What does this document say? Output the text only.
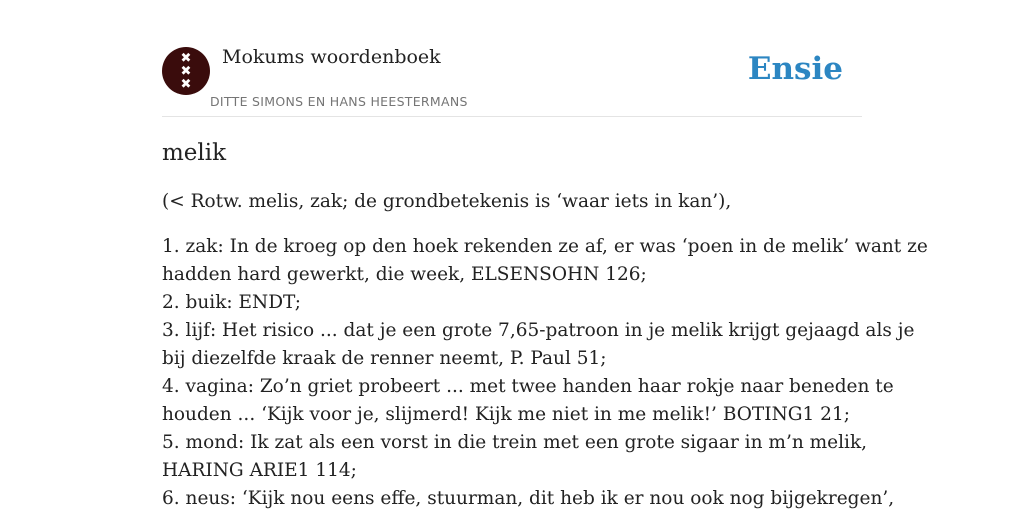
✖
✖
✖
Mokums woordenboek
DITTE SIMONS EN HANS HEESTERMANS
Ensie
melik

(< Rotw. melis, zak; de grondbetekenis is ‘waar iets in kan’),

1. zak: In de kroeg op den hoek rekenden ze af, er was ‘poen in de melik’ want ze
hadden hard gewerkt, die week, ELSENSOHN 126;
2. buik: ENDT;
3. lijf: Het risico ... dat je een grote 7,65-patroon in je melik krijgt gejaagd als je
bij diezelfde kraak de renner neemt, P. Paul 51;
4. vagina: Zo’n griet probeert ... met twee handen haar rokje naar beneden te
houden ... ‘Kijk voor je, slijmerd! Kijk me niet in me melik!’ BOTING1 21;
5. mond: Ik zat als een vorst in die trein met een grote sigaar in m’n melik,
HARING ARIE1 114;
6. neus: ‘Kijk nou eens effe, stuurman, dit heb ik er nou ook nog bijgekregen’,
